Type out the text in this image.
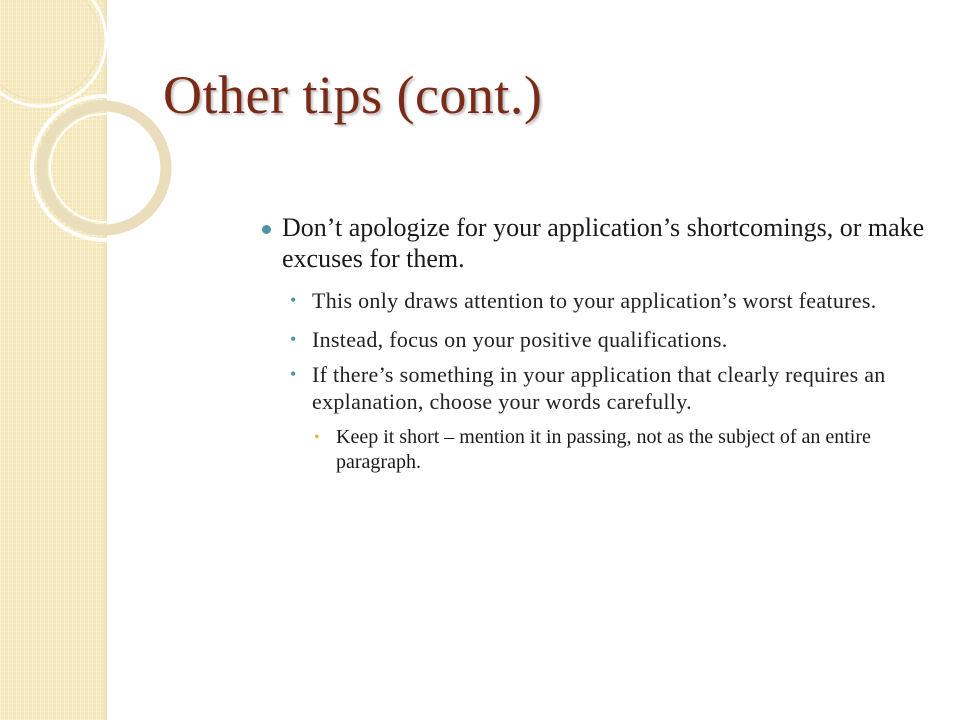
Other tips (cont.)
Don’t apologize for your application’s shortcomings, or make excuses for them.
• This only draws attention to your application’s worst features.
• Instead, focus on your positive qualifications.
• If there’s something in your application that clearly requires an explanation, choose your words carefully.
• Keep it short – mention it in passing, not as the subject of an entire paragraph.
